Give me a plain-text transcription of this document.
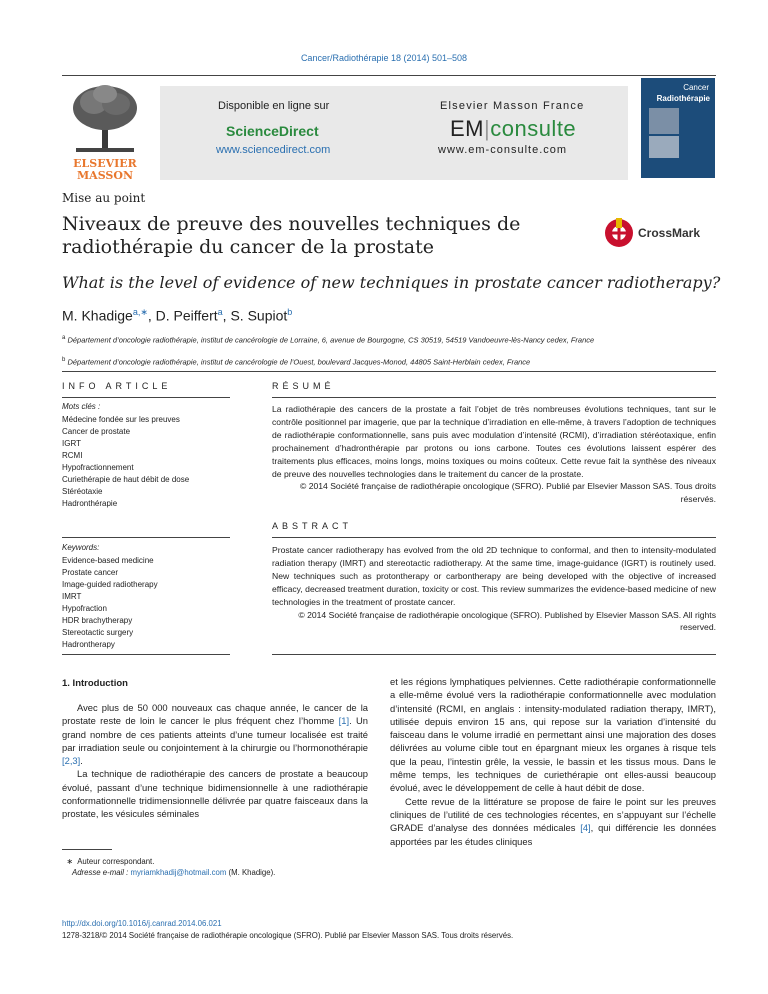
Cancer/Radiothérapie 18 (2014) 501–508
ELSEVIER MASSON
Disponible en ligne sur
ScienceDirect
www.sciencedirect.com
Elsevier Masson France
EM|consulte
www.em-consulte.com
Cancer
Radiothérapie
Mise au point
Niveaux de preuve des nouvelles techniques de radiothérapie du cancer de la prostate
CrossMark
What is the level of evidence of new techniques in prostate cancer radiotherapy?
M. Khadige$^{a,∗}$, D. Peiffert$^a$, S. Supiot$^b$
$^a$ Département d’oncologie radiothérapie, institut de cancérologie de Lorraine, 6, avenue de Bourgogne, CS 30519, 54519 Vandoeuvre-lès-Nancy cedex, France
$^b$ Département d’oncologie radiothérapie, institut de cancérologie de l’Ouest, boulevard Jacques-Monod, 44805 Saint-Herblain cedex, France
INFO ARTICLE
Mots clés :
Médecine fondée sur les preuves
Cancer de prostate
IGRT
RCMI
Hypofractionnement
Curiethérapie de haut débit de dose
Stéréotaxie
Hadronthérapie
RÉSUMÉ
La radiothérapie des cancers de la prostate a fait l’objet de très nombreuses évolutions techniques, tant sur le contrôle positionnel par imagerie, que par la technique d’irradiation en elle-même, à travers l’adoption de techniques de radiothérapie conformationnelle, sans puis avec modulation d’intensité (RCMI), d’irradiation stéréotaxique, enfin prochainement d’hadronthérapie par protons ou ions carbone. Toutes ces évolutions laissent espérer des traitements plus efficaces, moins longs, moins toxiques ou moins coûteux. Cette revue fait la synthèse des niveaux de preuve des nouvelles technologies dans le traitement du cancer de la prostate.
© 2014 Société française de radiothérapie oncologique (SFRO). Publié par Elsevier Masson SAS. Tous droits réservés.
ABSTRACT
Keywords:
Evidence-based medicine
Prostate cancer
Image-guided radiotherapy
IMRT
Hypofraction
HDR brachytherapy
Stereotactic surgery
Hadrontherapy
Prostate cancer radiotherapy has evolved from the old 2D technique to conformal, and then to intensity-modulated radiation therapy (IMRT) and stereotactic radiotherapy. At the same time, image-guidance (IGRT) is routinely used. New techniques such as protontherapy or carbontherapy are being developed with the objective of increased efficacy, decreased treatment duration, toxicity or cost. This review summarizes the evidence-based medicine of new technologies in the treatment of prostate cancer.
© 2014 Société française de radiothérapie oncologique (SFRO). Published by Elsevier Masson SAS. All rights reserved.
1. Introduction

Avec plus de 50 000 nouveaux cas chaque année, le cancer de la prostate reste de loin le cancer le plus fréquent chez l’homme [1]. Un grand nombre de ces patients atteints d’une tumeur localisée est traité par irradiation seule ou conjointement à la chirurgie ou l’hormonothérapie [2,3].

La technique de radiothérapie des cancers de prostate a beaucoup évolué, passant d’une technique bidimensionnelle à une radiothérapie conformationnelle tridimensionnelle délivrée par quatre faisceaux dans la prostate, les vésicules séminales

et les régions lymphatiques pelviennes. Cette radiothérapie conformationnelle a elle-même évolué vers la radiothérapie conformationnelle avec modulation d’intensité (RCMI, en anglais : intensity-modulated radiation therapy, IMRT), utilisée depuis environ 15 ans, qui repose sur la variation d’intensité du faisceau dans le volume irradié en permettant ainsi une majoration des doses délivrées au volume cible tout en épargnant mieux les organes à risque tels que la peau, l’intestin grêle, la vessie, le bassin et les tissus mous. Dans le même temps, les techniques de curiethérapie ont elles-aussi beaucoup évolué, avec le développement de celle à haut débit de dose.

Cette revue de la littérature se propose de faire le point sur les preuves cliniques de l’utilité de ces technologies récentes, en s’appuyant sur l’échelle GRADE d’analyse des données médicales [4], qui différencie les données apportées par les études cliniques

∗ Auteur correspondant.
Adresse e-mail : myriamkhadij@hotmail.com (M. Khadige).
http://dx.doi.org/10.1016/j.canrad.2014.06.021
1278-3218/© 2014 Société française de radiothérapie oncologique (SFRO). Publié par Elsevier Masson SAS. Tous droits réservés.
